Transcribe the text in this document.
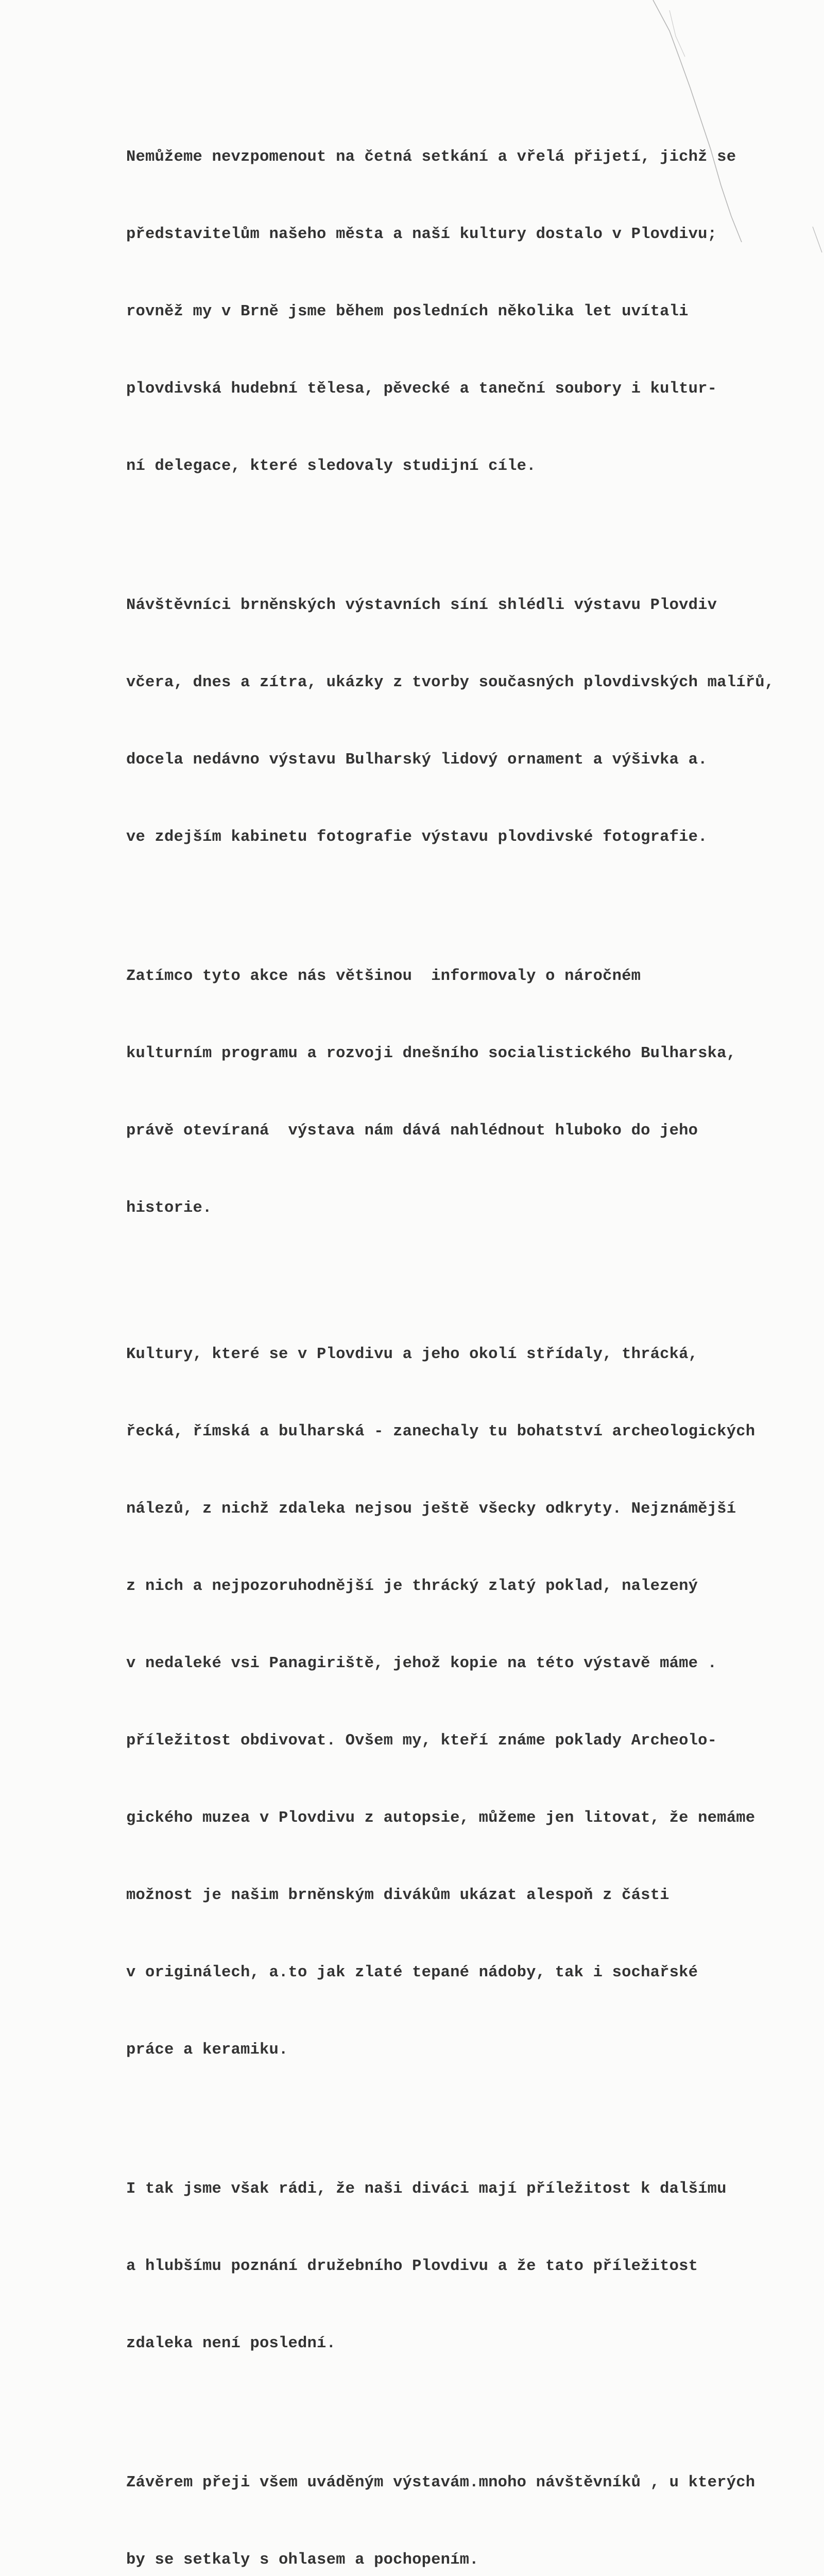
Nemůžeme nevzpomenout na četná setkání a vřelá přijetí, jichž se

představitelům našeho města a naší kultury dostalo v Plovdivu;

rovněž my v Brně jsme během posledních několika let uvítali

plovdivská hudební tělesa, pěvecké a taneční soubory i kultur-

ní delegace, které sledovaly studijní cíle.

Návštěvníci brněnských výstavních síní shlédli výstavu Plovdiv

včera, dnes a zítra, ukázky z tvorby současných plovdivských malířů,

docela nedávno výstavu Bulharský lidový ornament a výšivka a.

ve zdejším kabinetu fotografie výstavu plovdivské fotografie.

Zatímco tyto akce nás většinou  informovaly o náročném

kulturním programu a rozvoji dnešního socialistického Bulharska,

právě otevíraná  výstava nám dává nahlédnout hluboko do jeho

historie.

Kultury, které se v Plovdivu a jeho okolí střídaly, thrácká,

řecká, římská a bulharská - zanechaly tu bohatství archeologických

nálezů, z nichž zdaleka nejsou ještě všecky odkryty. Nejznámější

z nich a nejpozoruhodnější je thrácký zlatý poklad, nalezený

v nedaleké vsi Panagiriště, jehož kopie na této výstavě máme .

příležitost obdivovat. Ovšem my, kteří známe poklady Archeolo-

gického muzea v Plovdivu z autopsie, můžeme jen litovat, že nemáme

možnost je našim brněnským divákům ukázat alespoň z části

v originálech, a.to jak zlaté tepané nádoby, tak i sochařské

práce a keramiku.

I tak jsme však rádi, že naši diváci mají příležitost k dalšímu

a hlubšímu poznání družebního Plovdivu a že tato příležitost

zdaleka není poslední.

Závěrem přeji všem uváděným výstavám.mnoho návštěvníků , u kterých

by se setkaly s ohlasem a pochopením.
